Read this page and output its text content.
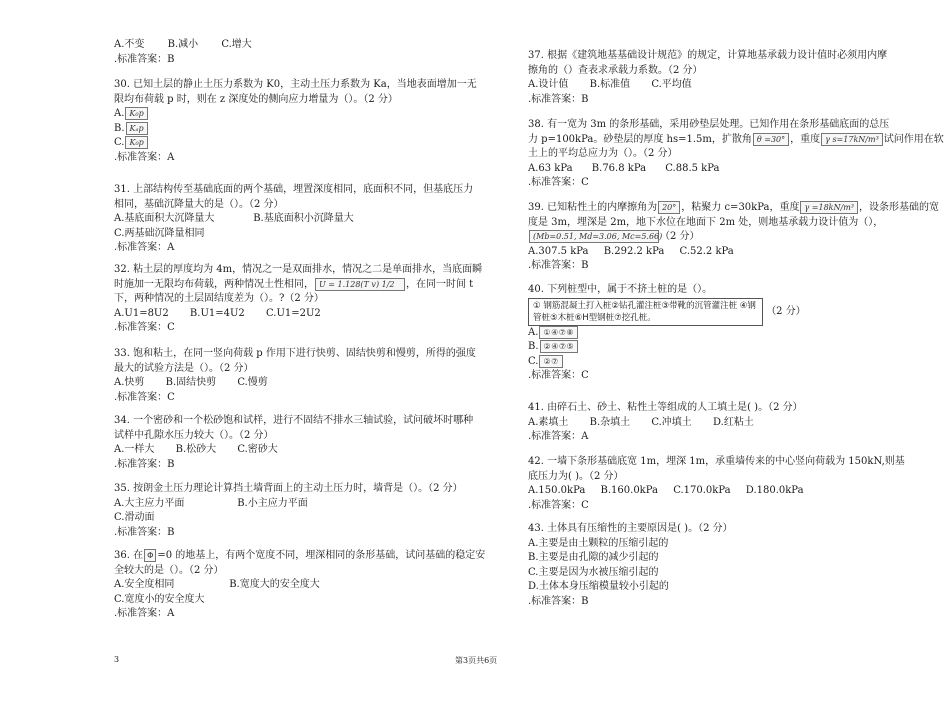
A.不变 B.减小 C.增大
.标准答案：B
30. 已知土层的静止土压力系数为 K0，主动土压力系数为 Ka，当地表面增加一无
限均布荷载 p 时，则在 z 深度处的侧向应力增量为（）。（2 分）
A. K₀p
B. Kₐp
C. K₀p
.标准答案：A
31. 上部结构传至基础底面的两个基础，埋置深度相同，底面积不同，但基底压力
相同，基础沉降量大的是（）。（2 分）
A.基底面积大沉降量大	B.基底面积小沉降量大
C.两基础沉降量相同
.标准答案：A
32. 粘土层的厚度均为 4m，情况之一是双面排水，情况之二是单面排水，当底面瞬
时施加一无限均布荷载，两种情况土性相同， U = 1.128(T v) 1/2 ，在同一时间 t
下，两种情况的土层固结度差为（）。?（2 分）
A.U1=8U2 B.U1=4U2 C.U1=2U2
.标准答案：C
33. 饱和粘土，在同一竖向荷载 p 作用下进行快剪、固结快剪和慢剪，所得的强度
最大的试验方法是（）。（2 分）
A.快剪 B.固结快剪 C.慢剪
.标准答案：C
34. 一个密砂和一个松砂饱和试样，进行不固结不排水三轴试验，试问破坏时哪种
试样中孔隙水压力较大（）。（2 分）
A.一样大 B.松砂大 C.密砂大
.标准答案：B
35. 按朗金土压力理论计算挡土墙背面上的主动土压力时，墙背是（）。（2 分）
A.大主应力平面	B.小主应力平面
C.滑动面
.标准答案：B
36. 在 Φ =0 的地基上，有两个宽度不同，埋深相同的条形基础，试问基础的稳定安
全较大的是（）。（2 分）
A.安全度相同	B.宽度大的安全度大
C.宽度小的安全度大
.标准答案：A
37. 根据《建筑地基基础设计规范》的规定，计算地基承载力设计值时必须用内摩
擦角的（）查表求承载力系数。（2 分）
A.设计值 B.标准值 C.平均值
.标准答案：B
38. 有一宽为 3m 的条形基础，采用砂垫层处理。已知作用在条形基础底面的总压
力 p=100kPa。砂垫层的厚度 hs=1.5m，扩散角 θ =30° ，重度 γ s=17kN/m³ 试问作用在软
土上的平均总应力为（）。（2 分）
A.63 kPa B.76.8 kPa C.88.5 kPa
.标准答案：C
39. 已知粘性土的内摩擦角为 20° ，粘聚力 c=30kPa，重度 γ =18kN/m³ ，设条形基础的宽
度是 3m，埋深是 2m，地下水位在地面下 2m 处，则地基承载力设计值为（），
(Mb=0.51, Md=3.06, Mc=5.66)（2 分）
A.307.5 kPa B.292.2 kPa C.52.2 kPa
.标准答案：B
40. 下列桩型中，属于不挤土桩的是（）。
① 钢筋混凝土打入桩②钻孔灌注桩③带靴的沉管灌注桩 ④钢管桩⑤木桩⑥H型钢桩⑦挖孔桩。 （2 分）
A. ①④⑦⑧
B. ②④⑦⑤
C. ②⑦
.标准答案：C
41. 由碎石土、砂土、粘性土等组成的人工填土是( )。（2 分）
A.素填土 B.杂填土 C.冲填土 D.红粘土
.标准答案：A
42. 一墙下条形基础底宽 1m，埋深 1m，承重墙传来的中心竖向荷载为 150kN,则基
底压力为( )。（2 分）
A.150.0kPa B.160.0kPa C.170.0kPa D.180.0kPa
.标准答案：C
43. 土体具有压缩性的主要原因是( )。（2 分）
A.主要是由土颗粒的压缩引起的
B.主要是由孔隙的减少引起的
C.主要是因为水被压缩引起的
D.土体本身压缩模量较小引起的
.标准答案：B
3	第3页共6页
